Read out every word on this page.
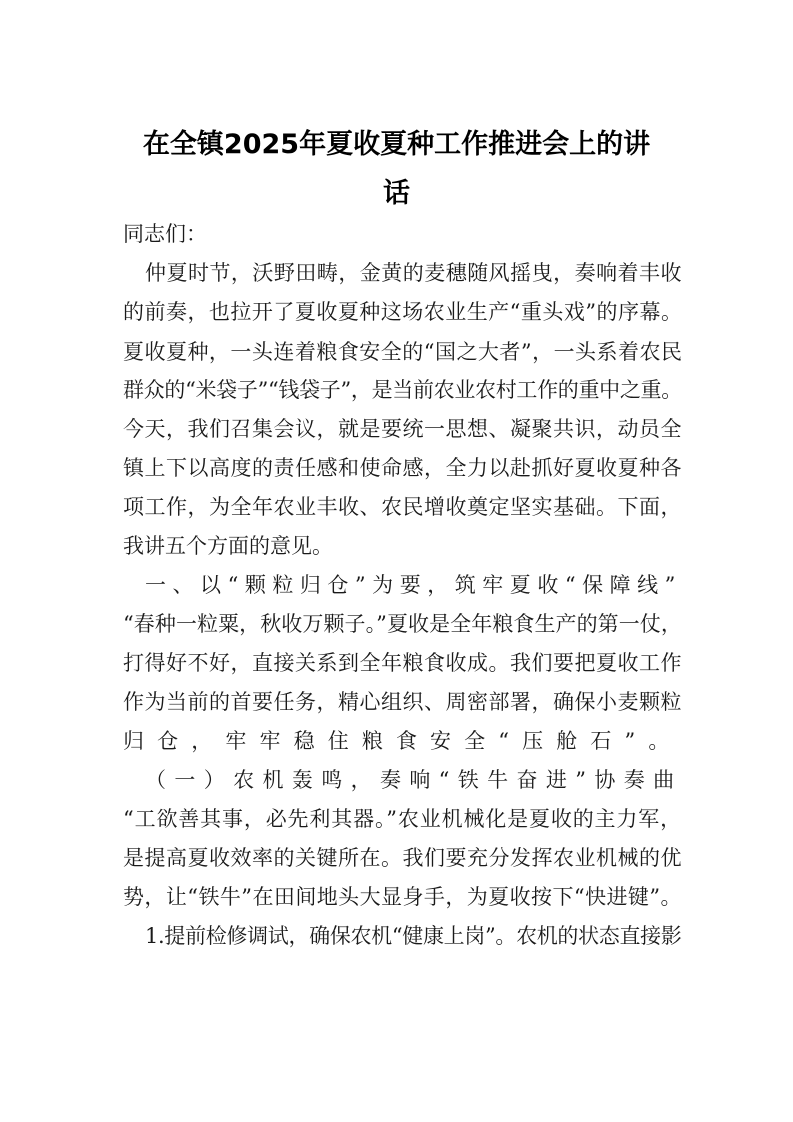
在全镇2025年夏收夏种工作推进会上的讲
话

同志们：

仲夏时节，沃野田畴，金黄的麦穗随风摇曳，奏响着丰收

的前奏，也拉开了夏收夏种这场农业生产“重头戏”的序幕。

夏收夏种，一头连着粮食安全的“国之大者”，一头系着农民

群众的“米袋子”“钱袋子”，是当前农业农村工作的重中之重。

今天，我们召集会议，就是要统一思想、凝聚共识，动员全

镇上下以高度的责任感和使命感，全力以赴抓好夏收夏种各

项工作，为全年农业丰收、农民增收奠定坚实基础。下面，

我讲五个方面的意见。

一、以“颗粒归仓”为要，筑牢夏收“保障线”

“春种一粒粟，秋收万颗子。”夏收是全年粮食生产的第一仗，

打得好不好，直接关系到全年粮食收成。我们要把夏收工作

作为当前的首要任务，精心组织、周密部署，确保小麦颗粒

归仓，牢牢稳住粮食安全“压舱石”。

（一）农机轰鸣，奏响“铁牛奋进”协奏曲

“工欲善其事，必先利其器。”农业机械化是夏收的主力军，

是提高夏收效率的关键所在。我们要充分发挥农业机械的优

势，让“铁牛”在田间地头大显身手，为夏收按下“快进键”。

1.提前检修调试，确保农机“健康上岗”。农机的状态直接影
